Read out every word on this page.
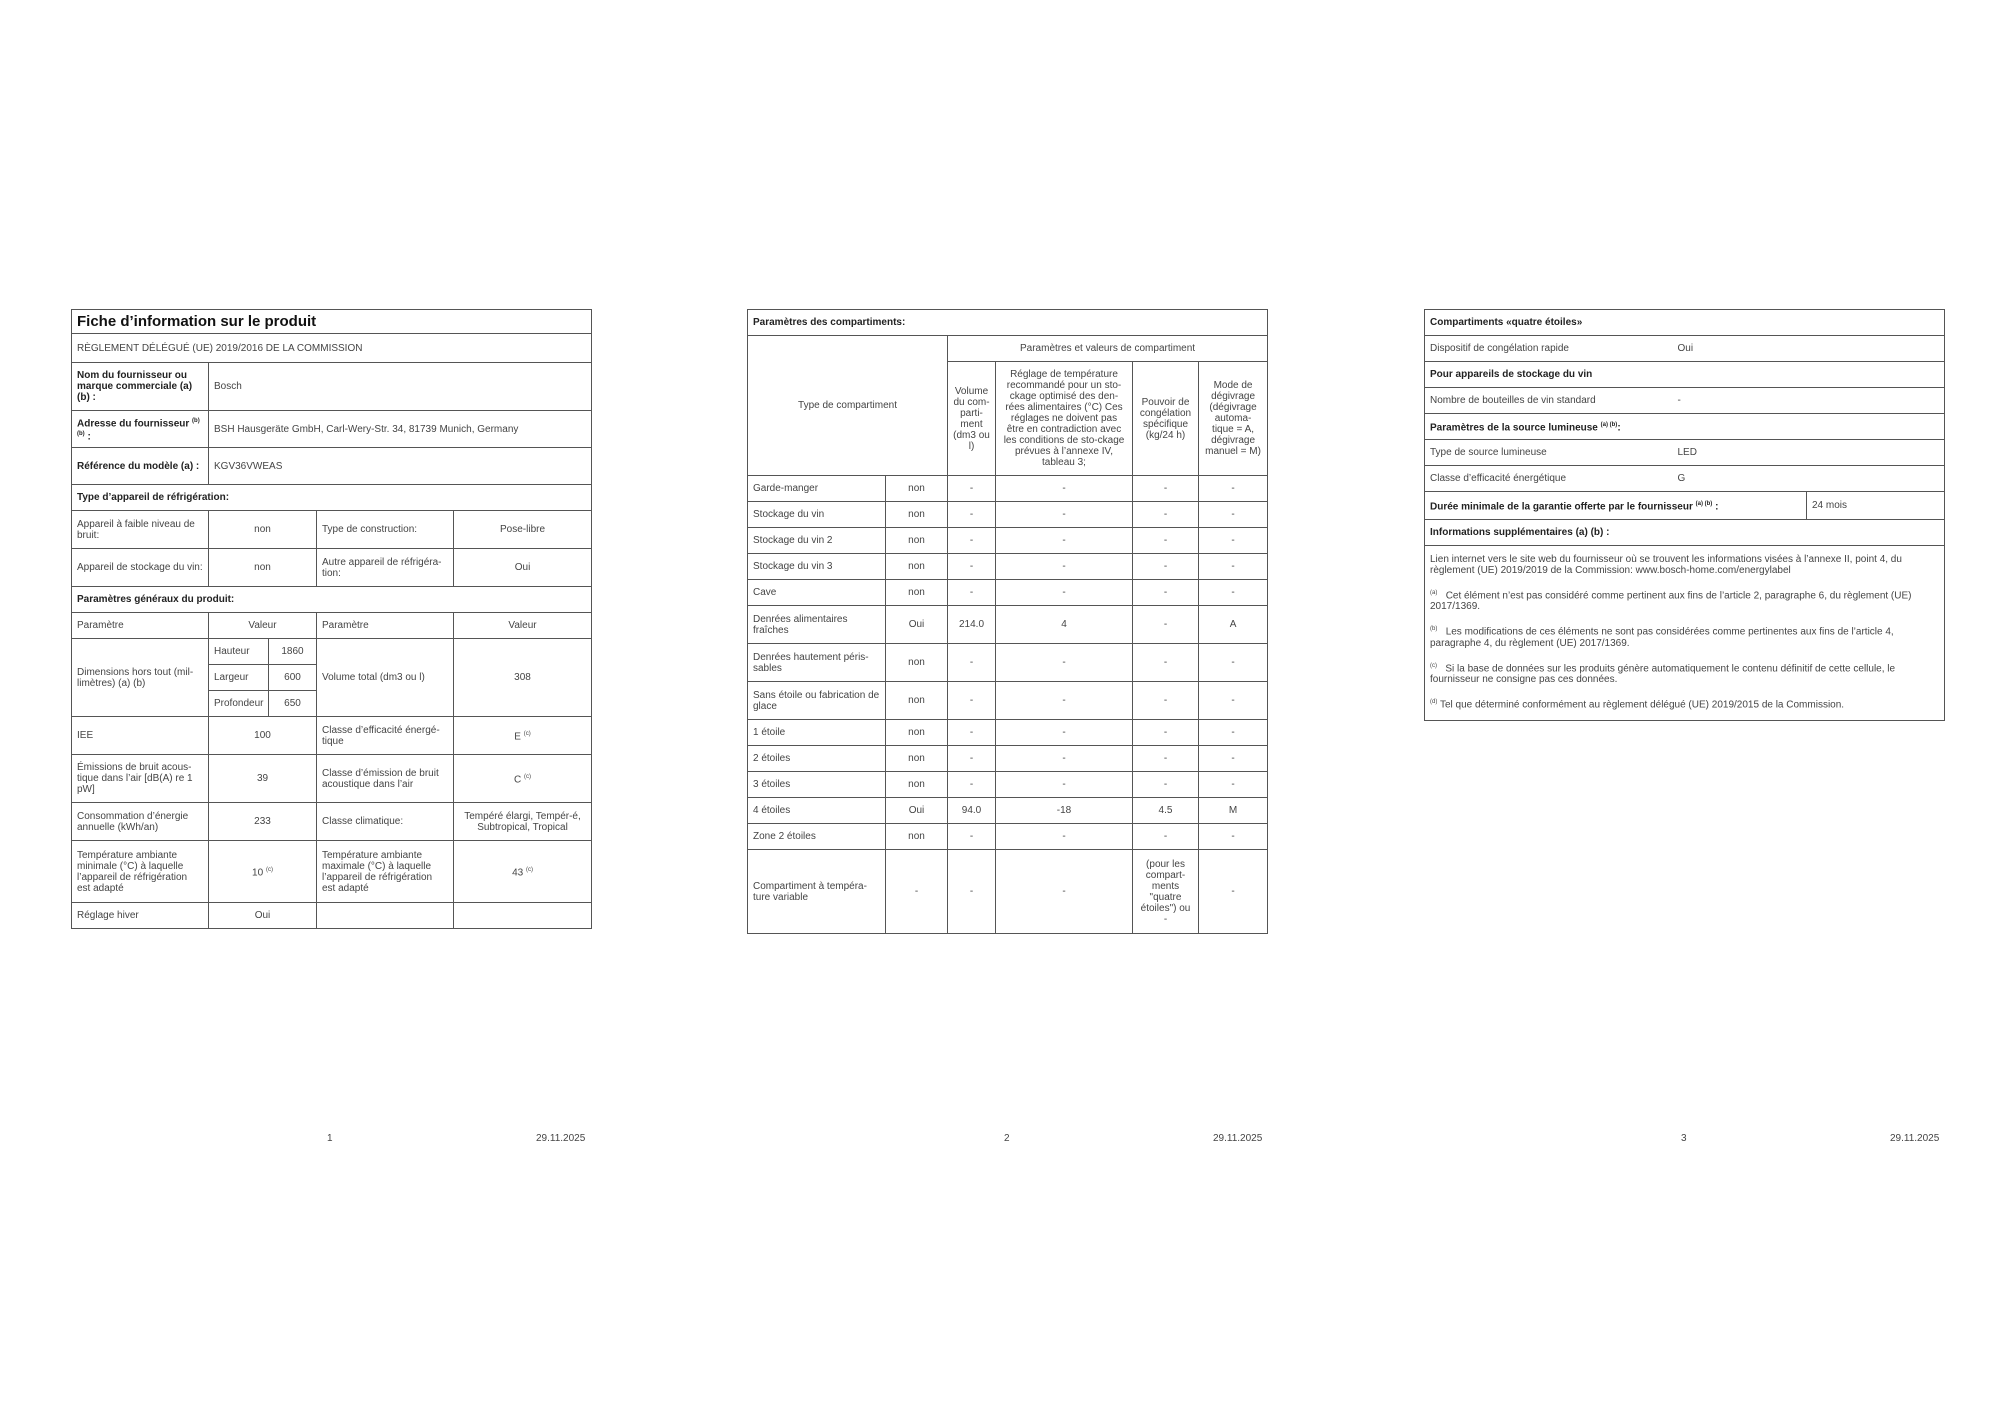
Fiche d’information sur le produit				
RÈGLEMENT DÉLÉGUÉ (UE) 2019/2016 DE LA COMMISSION				
Nom du fournisseur ou marque commerciale (a) (b) :	Bosch			
Adresse du fournisseur $^{(b) (b)}$ :	BSH Hausgeräte GmbH, Carl-Wery-Str. 34, 81739 Munich, Germany			
Référence du modèle (a) :	KGV36VWEAS			
Type d’appareil de réfrigération:				
Appareil à faible niveau de bruit:	non		Type de construction:	Pose-libre
Appareil de stockage du vin:	non		Autre appareil de réfrigéra-tion:	Oui
Paramètres généraux du produit:				
Paramètre	Valeur		Paramètre	Valeur
Dimensions hors tout (mil-limètres) (a) (b)	Hauteur	1860	Volume total (dm3 ou l)	308
	Largeur	600		
	Profondeur	650		
IEE	100		Classe d’efficacité énergé-tique	E $^{(c)}$
Émissions de bruit acous-tique dans l’air [dB(A) re 1 pW]	39		Classe d’émission de bruit acoustique dans l’air	C $^{(c)}$
Consommation d’énergie annuelle (kWh/an)	233		Classe climatique:	Tempéré élargi, Tempér-é, Subtropical, Tropical
Température ambiante minimale (°C) à laquelle l’appareil de réfrigération est adapté	10 $^{(c)}$		Température ambiante maximale (°C) à laquelle l’appareil de réfrigération est adapté	43 $^{(c)}$
Réglage hiver	Oui			
1	29.11.2025
Paramètres des compartiments:					
Type de compartiment		Paramètres et valeurs de compartiment			
		Volume du com-parti-ment (dm3 ou l)	Réglage de température recommandé pour un sto-ckage optimisé des den-rées alimentaires (°C) Ces réglages ne doivent pas être en contradiction avec les conditions de sto-ckage prévues à l’annexe IV, tableau 3;	Pouvoir de congélation spécifique (kg/24 h)	Mode de dégivrage (dégivrage automa-tique = A, dégivrage manuel = M)
Garde-manger	non	-	-	-	-
Stockage du vin	non	-	-	-	-
Stockage du vin 2	non	-	-	-	-
Stockage du vin 3	non	-	-	-	-
Cave	non	-	-	-	-
Denrées alimentaires fraîches	Oui	214.0	4	-	A
Denrées hautement péris-sables	non	-	-	-	-
Sans étoile ou fabrication de glace	non	-	-	-	-
1 étoile	non	-	-	-	-
2 étoiles	non	-	-	-	-
3 étoiles	non	-	-	-	-
4 étoiles	Oui	94.0	-18	4.5	M
Zone 2 étoiles	non	-	-	-	-
Compartiment à tempéra-ture variable	-	-	-	(pour les compart-ments "quatre étoiles") ou -	-
2	29.11.2025
Compartiments «quatre étoiles»		
Dispositif de congélation rapide	Oui	
Pour appareils de stockage du vin		
Nombre de bouteilles de vin standard	-	
Paramètres de la source lumineuse $^{(a) (b)}$:		
Type de source lumineuse	LED	
Classe d’efficacité énergétique	G	
Durée minimale de la garantie offerte par le fournisseur $^{(a) (b)}$ :		24 mois
Informations supplémentaires (a) (b) :		

Lien internet vers le site web du fournisseur où se trouvent les informations visées à l’annexe II, point 4, du règlement (UE) 2019/2019 de la Commission: www.bosch-home.com/energylabel
$^{(a)}$ Cet élément n’est pas considéré comme pertinent aux fins de l’article 2, paragraphe 6, du règlement (UE) 2017/1369.
$^{(b)}$ Les modifications de ces éléments ne sont pas considérées comme pertinentes aux fins de l’article 4, paragraphe 4, du règlement (UE) 2017/1369.
$^{(c)}$ Si la base de données sur les produits génère automatiquement le contenu définitif de cette cellule, le fournisseur ne consigne pas ces données.
$^{(d)}$ Tel que déterminé conformément au règlement délégué (UE) 2019/2015 de la Commission.		
3	29.11.2025
